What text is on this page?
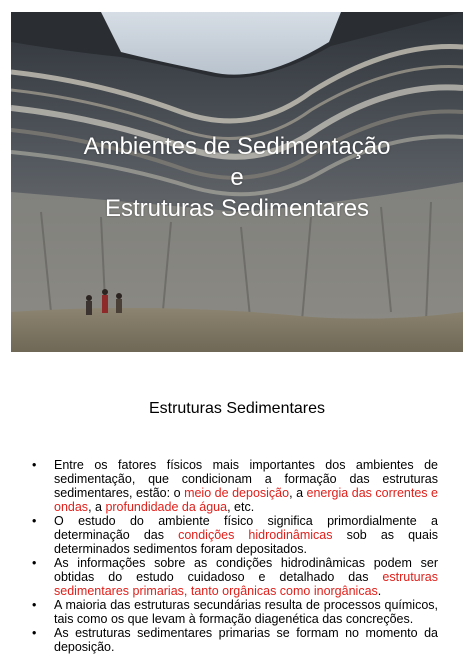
Ambientes de Sedimentação
e
Estruturas Sedimentares
Estruturas Sedimentares
• Entre os fatores físicos mais importantes dos ambientes de sedimentação, que condicionam a formação das estruturas sedimentares, estão: o meio de deposição, a energia das correntes e ondas, a profundidade da água, etc.
• O estudo do ambiente físico significa primordialmente a determinação das condições hidrodinâmicas sob as quais determinados sedimentos foram depositados.
• As informações sobre as condições hidrodinâmicas podem ser obtidas do estudo cuidadoso e detalhado das estruturas sedimentares primarias, tanto orgânicas como inorgânicas.
• A maioria das estruturas secundárias resulta de processos químicos, tais como os que levam à formação diagenética das concreções.
• As estruturas sedimentares primarias se formam no momento da deposição.
